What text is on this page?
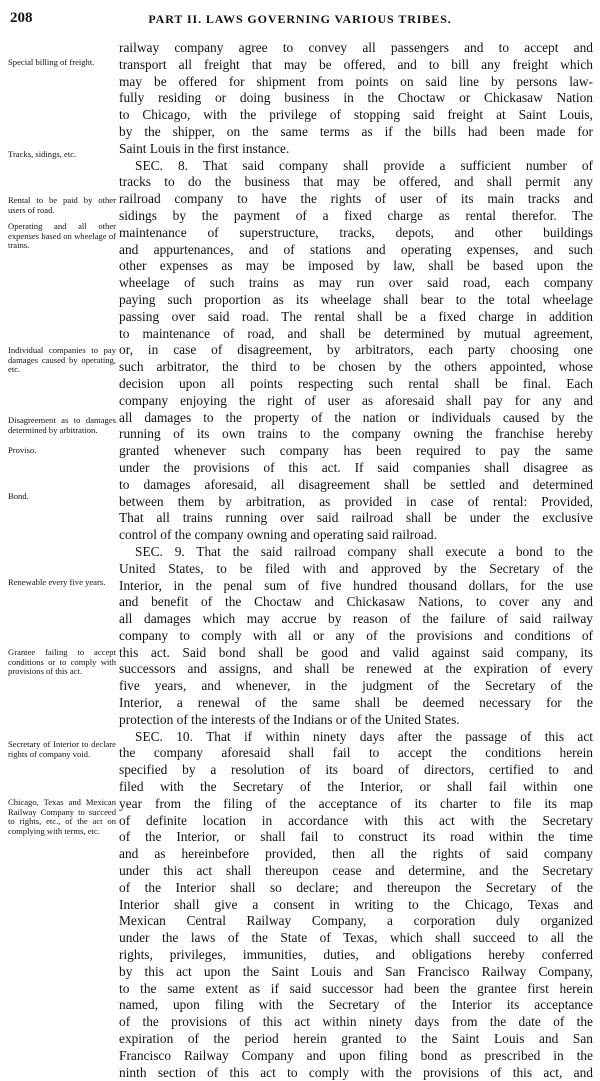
208	PART II. LAWS GOVERNING VARIOUS TRIBES.
Special billing of freight.
Tracks, sidings, etc.
Rental to be paid by other users of road.
Operating and all other expenses based on wheelage of trains.
Individual companies to pay damages caused by operating, etc.
Disagreement as to damages determined by arbitration.
Proviso.
Bond.
Renewable every five years.
Grantee failing to accept conditions or to comply with provisions of this act.
Secretary of Interior to declare rights of company void.
Chicago, Texas and Mexican Railway Company to succeed to rights, etc., of the act on complying with terms, etc.
railway company agree to convey all passengers and to accept and
transport all freight that may be offered, and to bill any freight which
may be offered for shipment from points on said line by persons law-
fully residing or doing business in the Choctaw or Chickasaw Nation
to Chicago, with the privilege of stopping said freight at Saint Louis,
by the shipper, on the same terms as if the bills had been made for
Saint Louis in the first instance.
SEC. 8. That said company shall provide a sufficient number of
tracks to do the business that may be offered, and shall permit any
railroad company to have the rights of user of its main tracks and
sidings by the payment of a fixed charge as rental therefor. The
maintenance of superstructure, tracks, depots, and other buildings
and appurtenances, and of stations and operating expenses, and such
other expenses as may be imposed by law, shall be based upon the
wheelage of such trains as may run over said road, each company
paying such proportion as its wheelage shall bear to the total wheelage
passing over said road. The rental shall be a fixed charge in addition
to maintenance of road, and shall be determined by mutual agreement,
or, in case of disagreement, by arbitrators, each party choosing one
such arbitrator, the third to be chosen by the others appointed, whose
decision upon all points respecting such rental shall be final. Each
company enjoying the right of user as aforesaid shall pay for any and
all damages to the property of the nation or individuals caused by the
running of its own trains to the company owning the franchise hereby
granted whenever such company has been required to pay the same
under the provisions of this act. If said companies shall disagree as
to damages aforesaid, all disagreement shall be settled and determined
between them by arbitration, as provided in case of rental: Provided,
That all trains running over said railroad shall be under the exclusive
control of the company owning and operating said railroad.
SEC. 9. That the said railroad company shall execute a bond to the
United States, to be filed with and approved by the Secretary of the
Interior, in the penal sum of five hundred thousand dollars, for the use
and benefit of the Choctaw and Chickasaw Nations, to cover any and
all damages which may accrue by reason of the failure of said railway
company to comply with all or any of the provisions and conditions of
this act. Said bond shall be good and valid against said company, its
successors and assigns, and shall be renewed at the expiration of every
five years, and whenever, in the judgment of the Secretary of the
Interior, a renewal of the same shall be deemed necessary for the
protection of the interests of the Indians or of the United States.
SEC. 10. That if within ninety days after the passage of this act
the company aforesaid shall fail to accept the conditions herein
specified by a resolution of its board of directors, certified to and
filed with the Secretary of the Interior, or shall fail within one
year from the filing of the acceptance of its charter to file its map
of definite location in accordance with this act with the Secretary
of the Interior, or shall fail to construct its road within the time
and as hereinbefore provided, then all the rights of said company
under this act shall thereupon cease and determine, and the Secretary
of the Interior shall so declare; and thereupon the Secretary of the
Interior shall give a consent in writing to the Chicago, Texas and
Mexican Central Railway Company, a corporation duly organized
under the laws of the State of Texas, which shall succeed to all the
rights, privileges, immunities, duties, and obligations hereby conferred
by this act upon the Saint Louis and San Francisco Railway Company,
to the same extent as if said successor had been the grantee first herein
named, upon filing with the Secretary of the Interior its acceptance
of the provisions of this act within ninety days from the date of the
expiration of the period herein granted to the Saint Louis and San
Francisco Railway Company and upon filing bond as prescribed in the
ninth section of this act to comply with the provisions of this act, and
